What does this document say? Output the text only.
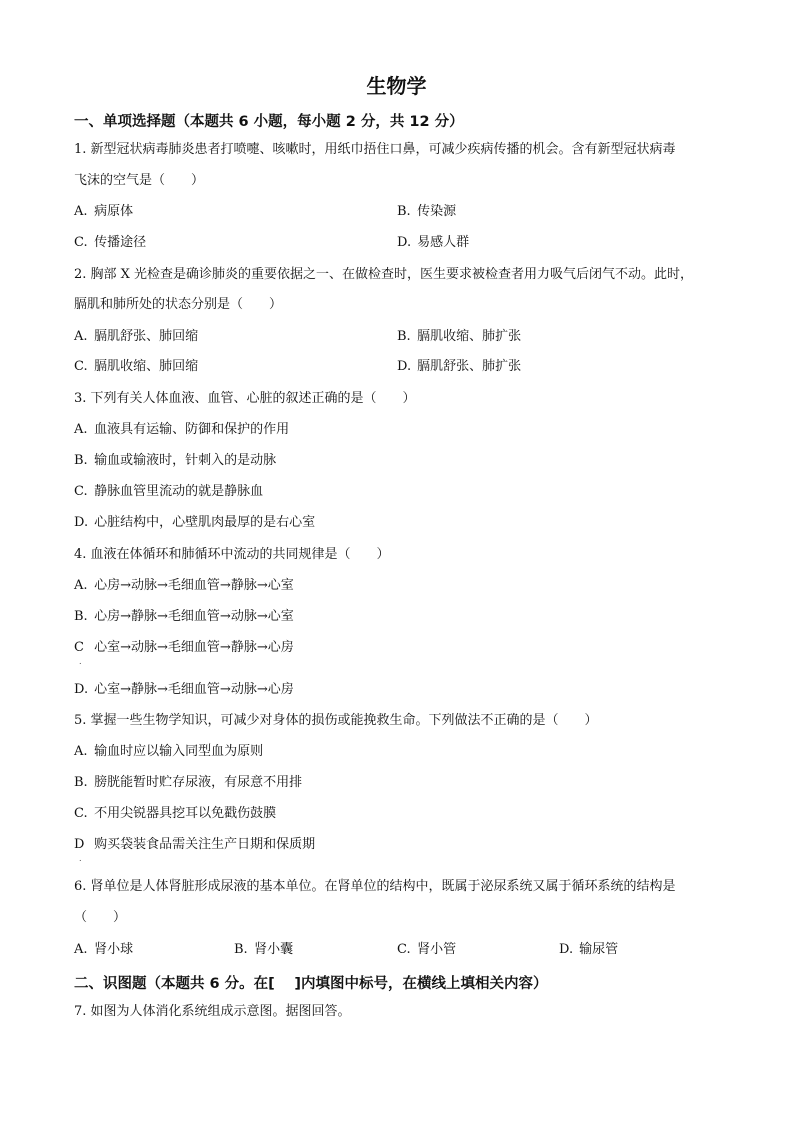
生物学
一、单项选择题（本题共 6 小题，每小题 2 分，共 12 分）
1. 新型冠状病毒肺炎患者打喷嚏、咳嗽时，用纸巾捂住口鼻，可减少疾病传播的机会。含有新型冠状病毒
飞沫的空气是（　　）
A. 病原体	B. 传染源
C. 传播途径	D. 易感人群
2. 胸部 X 光检查是确诊肺炎的重要依据之一、在做检查时，医生要求被检查者用力吸气后闭气不动。此时，
膈肌和肺所处的状态分别是（　　）
A. 膈肌舒张、肺回缩	B. 膈肌收缩、肺扩张
C. 膈肌收缩、肺回缩	D. 膈肌舒张、肺扩张
3. 下列有关人体血液、血管、心脏的叙述正确的是（　　）
A. 血液具有运输、防御和保护的作用
B. 输血或输液时，针刺入的是动脉
C. 静脉血管里流动的就是静脉血
D. 心脏结构中，心壁肌肉最厚的是右心室
4. 血液在体循环和肺循环中流动的共同规律是（　　）
A. 心房→动脉→毛细血管→静脉→心室
B. 心房→静脉→毛细血管→动脉→心室
C 心室→动脉→毛细血管→静脉→心房
.
D. 心室→静脉→毛细血管→动脉→心房
5. 掌握一些生物学知识，可减少对身体的损伤或能挽救生命。下列做法不正确的是（　　）
A. 输血时应以输入同型血为原则
B. 膀胱能暂时贮存尿液，有尿意不用排
C. 不用尖锐器具挖耳以免戳伤鼓膜
D 购买袋装食品需关注生产日期和保质期
.
6. 肾单位是人体肾脏形成尿液的基本单位。在肾单位的结构中，既属于泌尿系统又属于循环系统的结构是
（　　）
A. 肾小球	B. 肾小囊	C. 肾小管	D. 输尿管
二、识图题（本题共 6 分。在[　 ]内填图中标号，在横线上填相关内容）
7. 如图为人体消化系统组成示意图。据图回答。
